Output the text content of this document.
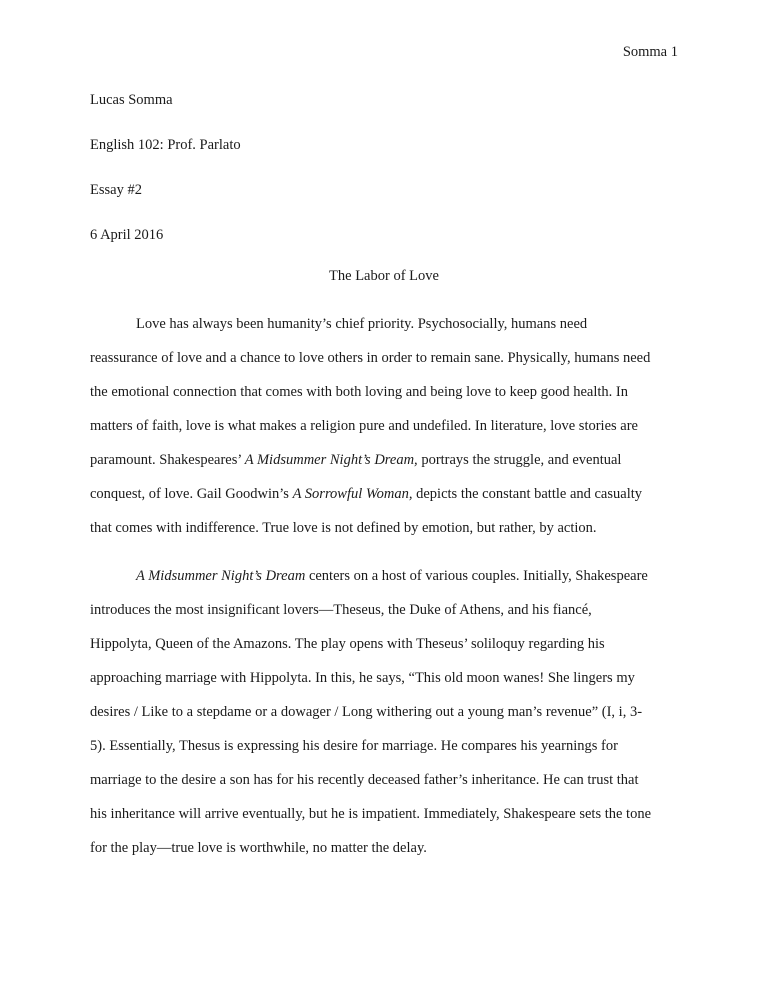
Somma 1
Lucas Somma
English 102: Prof. Parlato
Essay #2
6 April 2016
The Labor of Love
Love has always been humanity’s chief priority. Psychosocially, humans need
reassurance of love and a chance to love others in order to remain sane. Physically, humans need
the emotional connection that comes with both loving and being love to keep good health. In
matters of faith, love is what makes a religion pure and undefiled. In literature, love stories are
paramount. Shakespeares’ A Midsummer Night’s Dream, portrays the struggle, and eventual
conquest, of love. Gail Goodwin’s A Sorrowful Woman, depicts the constant battle and casualty
that comes with indifference. True love is not defined by emotion, but rather, by action.
A Midsummer Night’s Dream centers on a host of various couples. Initially, Shakespeare
introduces the most insignificant lovers—Theseus, the Duke of Athens, and his fiancé,
Hippolyta, Queen of the Amazons. The play opens with Theseus’ soliloquy regarding his
approaching marriage with Hippolyta. In this, he says, “This old moon wanes! She lingers my
desires / Like to a stepdame or a dowager / Long withering out a young man’s revenue” (I, i, 3-
5). Essentially, Thesus is expressing his desire for marriage. He compares his yearnings for
marriage to the desire a son has for his recently deceased father’s inheritance. He can trust that
his inheritance will arrive eventually, but he is impatient. Immediately, Shakespeare sets the tone
for the play—true love is worthwhile, no matter the delay.
